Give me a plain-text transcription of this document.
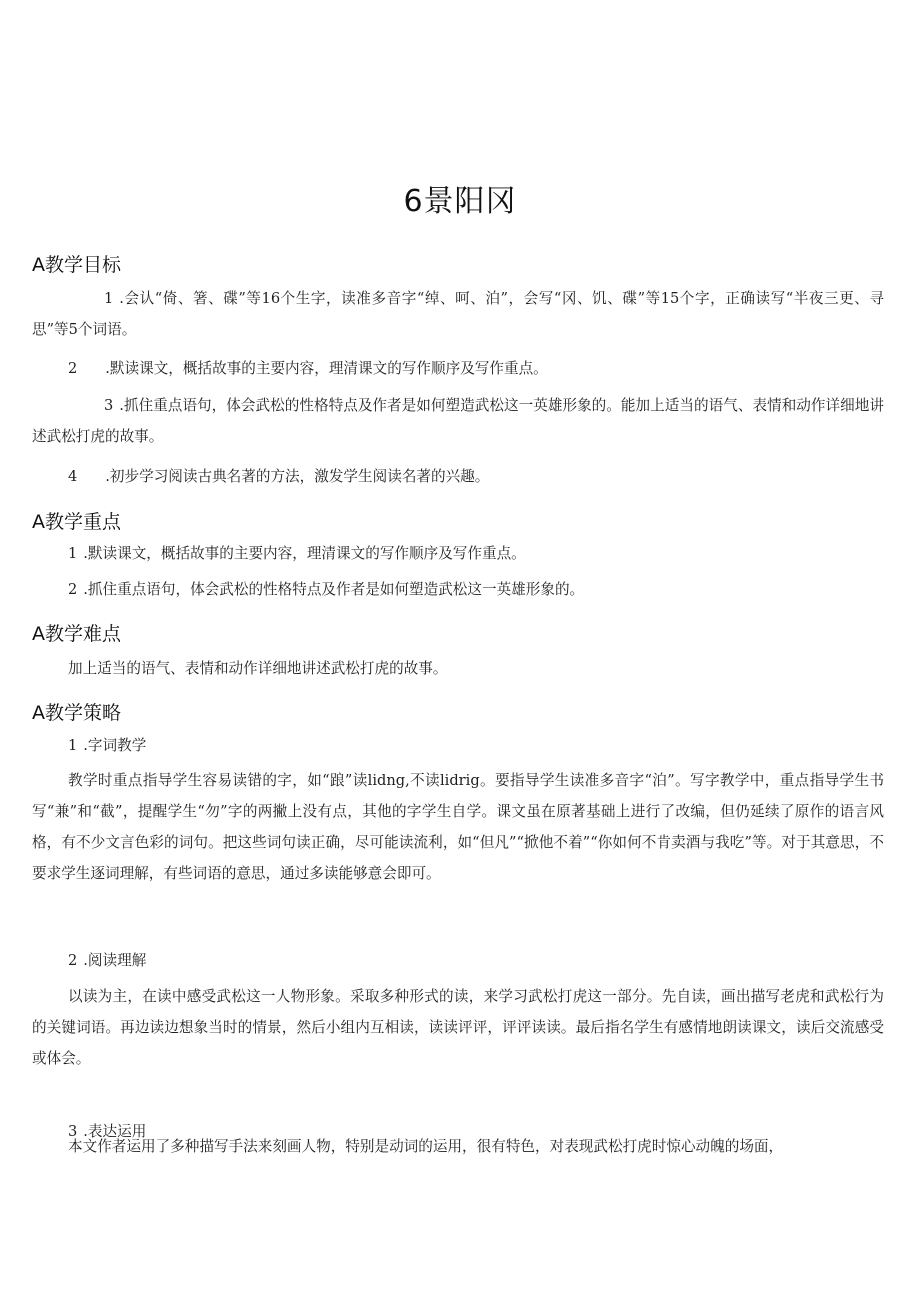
6景阳冈
A教学目标

1 .会认“倚、箸、碟”等16个生字，读准多音字“绰、呵、泊”，会写“冈、饥、碟”等15个字，正确读写“半夜三更、寻思”等5个词语。

2 .默读课文，概括故事的主要内容，理清课文的写作顺序及写作重点。

3 .抓住重点语句，体会武松的性格特点及作者是如何塑造武松这一英雄形象的。能加上适当的语气、表情和动作详细地讲述武松打虎的故事。

4 .初步学习阅读古典名著的方法，激发学生阅读名著的兴趣。

A教学重点

1 .默读课文，概括故事的主要内容，理清课文的写作顺序及写作重点。

2 .抓住重点语句，体会武松的性格特点及作者是如何塑造武松这一英雄形象的。

A教学难点

加上适当的语气、表情和动作详细地讲述武松打虎的故事。

A教学策略

1 .字词教学

教学时重点指导学生容易读错的字，如“踉”读lidng,不读lidrig。要指导学生读准多音字“泊”。写字教学中，重点指导学生书写“兼”和“截”，提醒学生“勿”字的两撇上没有点，其他的字学生自学。课文虽在原著基础上进行了改编，但仍延续了原作的语言风格，有不少文言色彩的词句。把这些词句读正确，尽可能读流利，如“但凡”“掀他不着”“你如何不肯卖酒与我吃”等。对于其意思，不要求学生逐词理解，有些词语的意思，通过多读能够意会即可。

2 .阅读理解

以读为主，在读中感受武松这一人物形象。采取多种形式的读，来学习武松打虎这一部分。先自读，画出描写老虎和武松行为的关键词语。再边读边想象当时的情景，然后小组内互相读，读读评评，评评读读。最后指名学生有感情地朗读课文，读后交流感受或体会。

3 .表达运用

本文作者运用了多种描写手法来刻画人物，特别是动词的运用，很有特色，对表现武松打虎时惊心动魄的场面，
